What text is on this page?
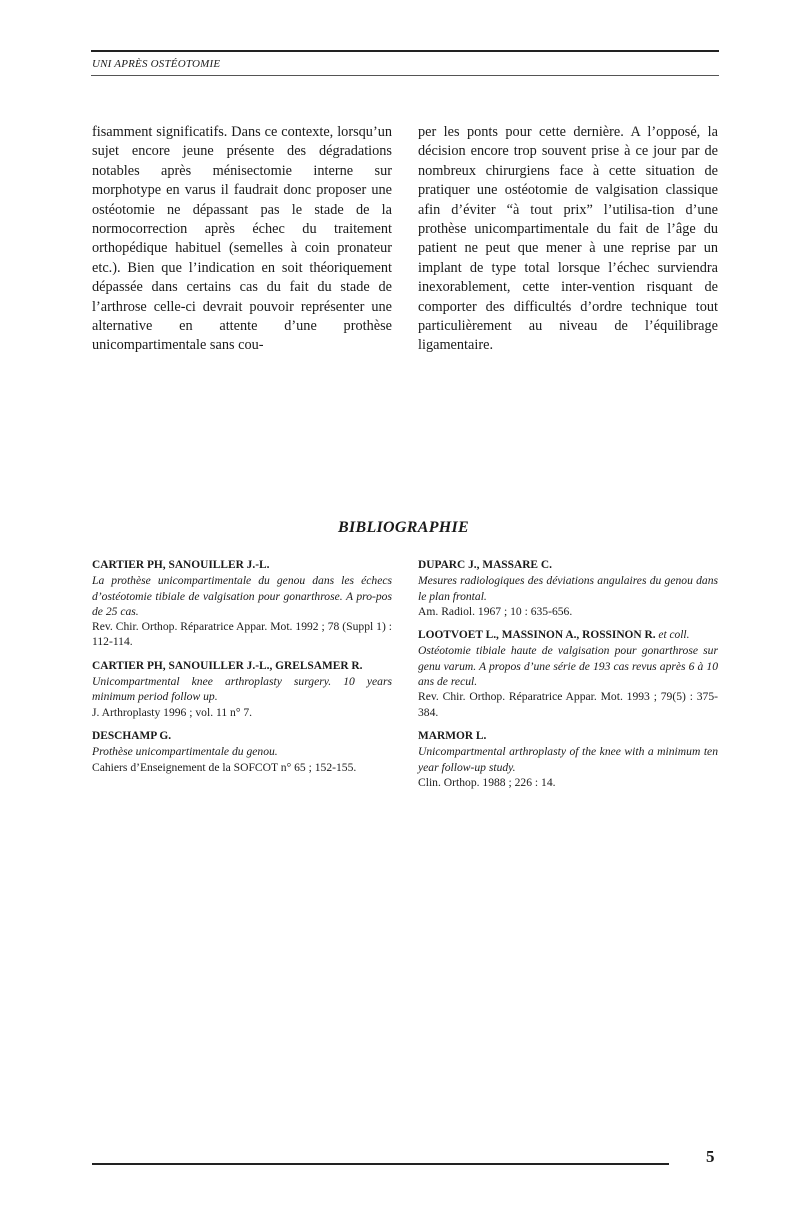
UNI APRÈS OSTÉOTOMIE
fisamment significatifs. Dans ce contexte, lorsqu’un sujet encore jeune présente des dégradations notables après ménisectomie interne sur morphotype en varus il faudrait donc proposer une ostéotomie ne dépassant pas le stade de la normocorrection après échec du traitement orthopédique habituel (semelles à coin pronateur etc.). Bien que l’indication en soit théoriquement dépassée dans certains cas du fait du stade de l’arthrose celle-ci devrait pouvoir représenter une alternative en attente d’une prothèse unicompartimentale sans cou-
per les ponts pour cette dernière. A l’opposé, la décision encore trop souvent prise à ce jour par de nombreux chirurgiens face à cette situation de pratiquer une ostéotomie de valgisation classique afin d’éviter “à tout prix” l’utilisa-tion d’une prothèse unicompartimentale du fait de l’âge du patient ne peut que mener à une reprise par un implant de type total lorsque l’échec surviendra inexorablement, cette inter-vention risquant de comporter des difficultés d’ordre technique tout particulièrement au niveau de l’équilibrage ligamentaire.
BIBLIOGRAPHIE
CARTIER PH, SANOUILLER J.-L.
La prothèse unicompartimentale du genou dans les échecs d’ostéotomie tibiale de valgisation pour gonarthrose. A pro-pos de 25 cas.
Rev. Chir. Orthop. Réparatrice Appar. Mot. 1992 ; 78 (Suppl 1) : 112-114.
CARTIER PH, SANOUILLER J.-L., GRELSAMER R.
Unicompartmental knee arthroplasty surgery. 10 years minimum period follow up.
J. Arthroplasty 1996 ; vol. 11 n° 7.
DESCHAMP G.
Prothèse unicompartimentale du genou.
Cahiers d’Enseignement de la SOFCOT n° 65 ; 152-155.
DUPARC J., MASSARE C.
Mesures radiologiques des déviations angulaires du genou dans le plan frontal.
Am. Radiol. 1967 ; 10 : 635-656.
LOOTVOET L., MASSINON A., ROSSINON R. et coll.
Ostéotomie tibiale haute de valgisation pour gonarthrose sur genu varum. A propos d’une série de 193 cas revus après 6 à 10 ans de recul.
Rev. Chir. Orthop. Réparatrice Appar. Mot. 1993 ; 79(5) : 375-384.
MARMOR L.
Unicompartmental arthroplasty of the knee with a minimum ten year follow-up study.
Clin. Orthop. 1988 ; 226 : 14.
5
